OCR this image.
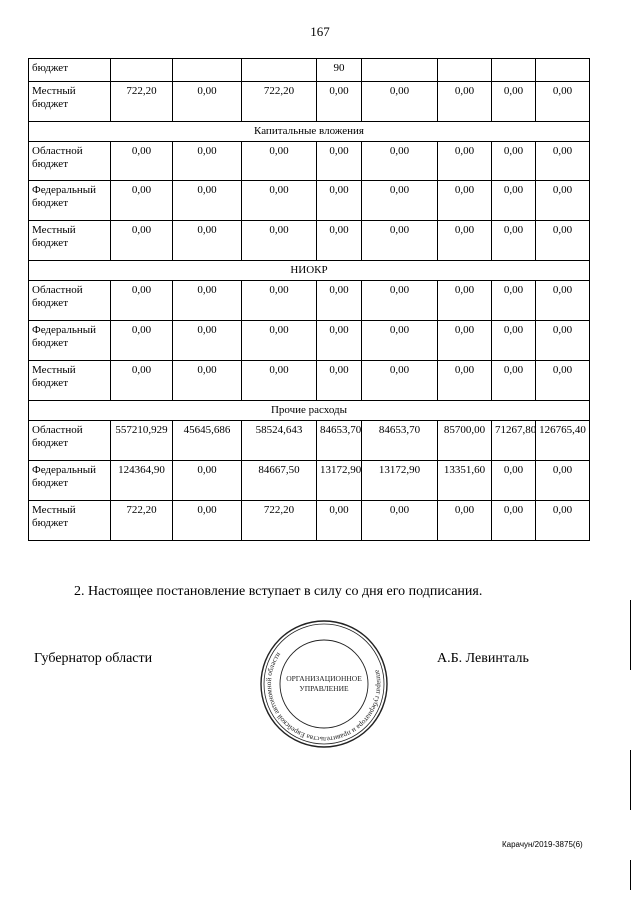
167
бюджет				90				
Местный бюджет	722,20	0,00	722,20	0,00	0,00	0,00	0,00	0,00
Капитальные вложения								
Областной бюджет	0,00	0,00	0,00	0,00	0,00	0,00	0,00	0,00
Федеральный бюджет	0,00	0,00	0,00	0,00	0,00	0,00	0,00	0,00
Местный бюджет	0,00	0,00	0,00	0,00	0,00	0,00	0,00	0,00
НИОКР								
Областной бюджет	0,00	0,00	0,00	0,00	0,00	0,00	0,00	0,00
Федеральный бюджет	0,00	0,00	0,00	0,00	0,00	0,00	0,00	0,00
Местный бюджет	0,00	0,00	0,00	0,00	0,00	0,00	0,00	0,00
Прочие расходы								
Областной бюджет	557210,929	45645,686	58524,643	84653,70	84653,70	85700,00	71267,80	126765,40
Федеральный бюджет	124364,90	0,00	84667,50	13172,90	13172,90	13351,60	0,00	0,00
Местный бюджет	722,20	0,00	722,20	0,00	0,00	0,00	0,00	0,00
2. Настоящее постановление вступает в силу со дня его подписания.
Губернатор области	А.Б. Левинталь
аппарат губернатора и правительства Еврейской автономной области
ОРГАНИЗАЦИОННОЕ
УПРАВЛЕНИЕ
Карачун/2019-3875(6)
